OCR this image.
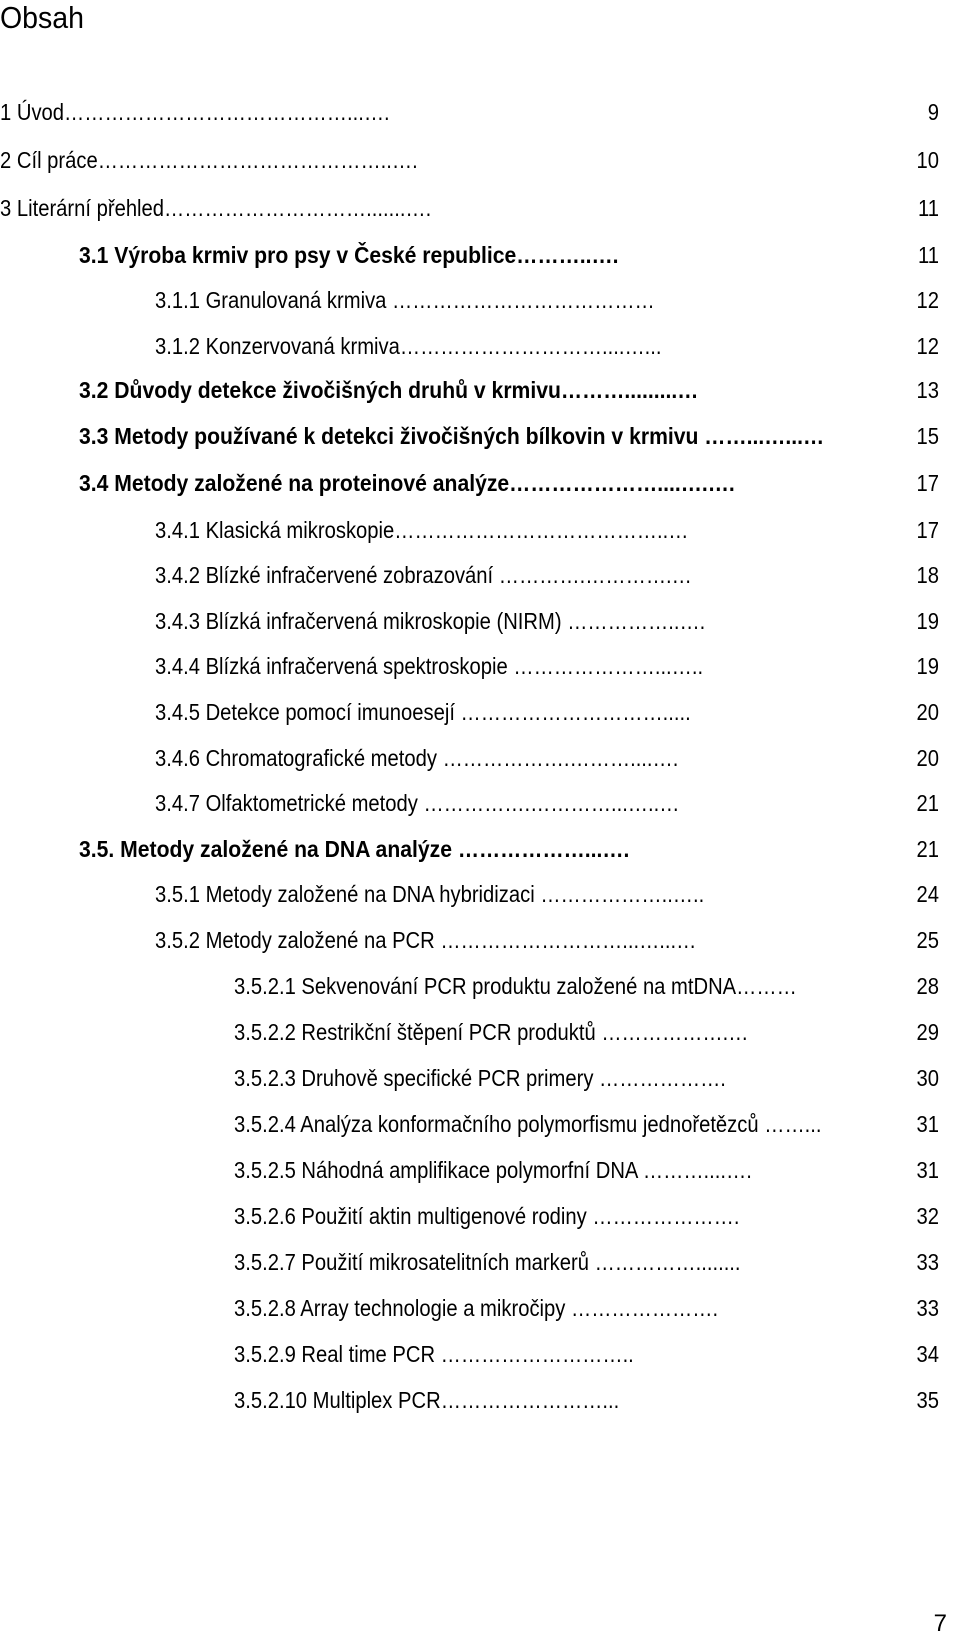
Obsah
1 Úvod……………………………………...….	9
2 Cíl práce……………………………………..….	10
3 Literární přehled………………………….......….	11
3.1 Výroba krmiv pro psy v České republice………..….	11
3.1.1 Granulovaná krmiva …………………………………	12
3.1.2 Konzervovaná krmiva…………………………....…...	12
3.2 Důvody detekce živočišných druhů v krmivu……….........…	13
3.3 Metody používané k detekci živočišných bílkovin v krmivu ……...…...…	15
3.4 Metody založené na proteinové analýze…………………....….….	17
3.4.1 Klasická mikroskopie…………………………………..…	17
3.4.2 Blízké infračervené zobrazování ………….………….…	18
3.4.3 Blízká infračervená mikroskopie (NIRM) ……………..….	19
3.4.4 Blízká infračervená spektroskopie …………………...…..	19
3.4.5 Detekce pomocí imunoesejí ………………………….....	20
3.4.6 Chromatografické metody ……………….………....….	20
3.4.7 Olfaktometrické metody …………….…………...…..…	21
3.5. Metody založené na DNA analýze ………………...….	21
3.5.1 Metody založené na DNA hybridizaci ………………..…..	24
3.5.2 Metody založené na PCR ………………………...…...…	25
3.5.2.1 Sekvenování PCR produktu založené na mtDNA………	28
3.5.2.2 Restrikční štěpení PCR produktů ……………….…	29
3.5.2.3 Druhově specifické PCR primery ……………….	30
3.5.2.4 Analýza konformačního polymorfismu jednořetězců ……...	31
3.5.2.5 Náhodná amplifikace polymorfní DNA ………....….	31
3.5.2.6 Použití aktin multigenové rodiny ………………….	32
3.5.2.7 Použití mikrosatelitních markerů ……………........	33
3.5.2.8 Array technologie a mikročipy ………………….	33
3.5.2.9 Real time PCR ………………………..	34
3.5.2.10 Multiplex PCR……………………...	35
7
